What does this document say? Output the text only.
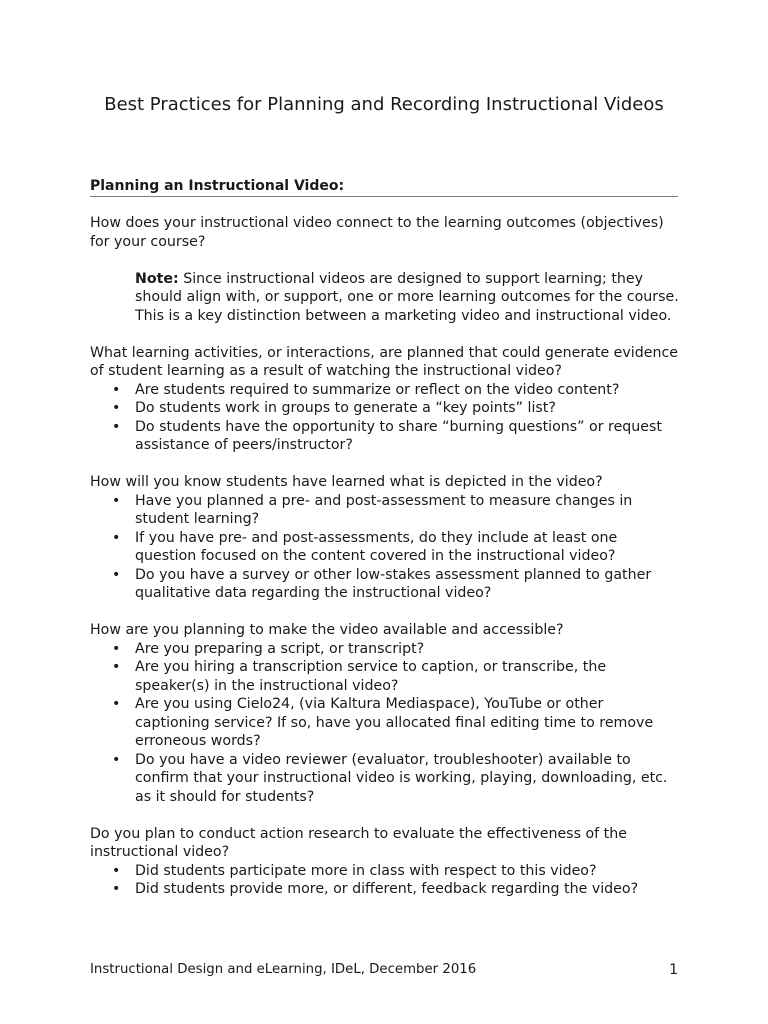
Best Practices for Planning and Recording Instructional Videos
Planning an Instructional Video:

How does your instructional video connect to the learning outcomes (objectives) for your course?

Note: Since instructional videos are designed to support learning; they should align with, or support, one or more learning outcomes for the course.  This is a key distinction between a marketing video and instructional video.

What learning activities, or interactions, are planned that could generate evidence of student learning as a result of watching the instructional video?

• Are students required to summarize or reflect on the video content?
• Do students work in groups to generate a “key points” list?
• Do students have the opportunity to share “burning questions” or request assistance of peers/instructor?

How will you know students have learned what is depicted in the video?

• Have you planned a pre- and post-assessment to measure changes in student learning?
• If you have pre- and post-assessments, do they include at least one question focused on the content covered in the instructional video?
• Do you have a survey or other low-stakes assessment planned to gather qualitative data regarding the instructional video?

How are you planning to make the video available and accessible?

• Are you preparing a script, or transcript?
• Are you hiring a transcription service to caption, or transcribe, the speaker(s) in the instructional video?
• Are you using Cielo24, (via Kaltura Mediaspace), YouTube or other captioning service? If so, have you allocated final editing time to remove erroneous words?
• Do you have a video reviewer (evaluator, troubleshooter) available to confirm that your instructional video is working, playing, downloading, etc. as it should for students?

Do you plan to conduct action research to evaluate the effectiveness of the instructional video?

• Did students participate more in class with respect to this video?
• Did students provide more, or different, feedback regarding the video?
Instructional Design and eLearning, IDeL, December 2016	1
